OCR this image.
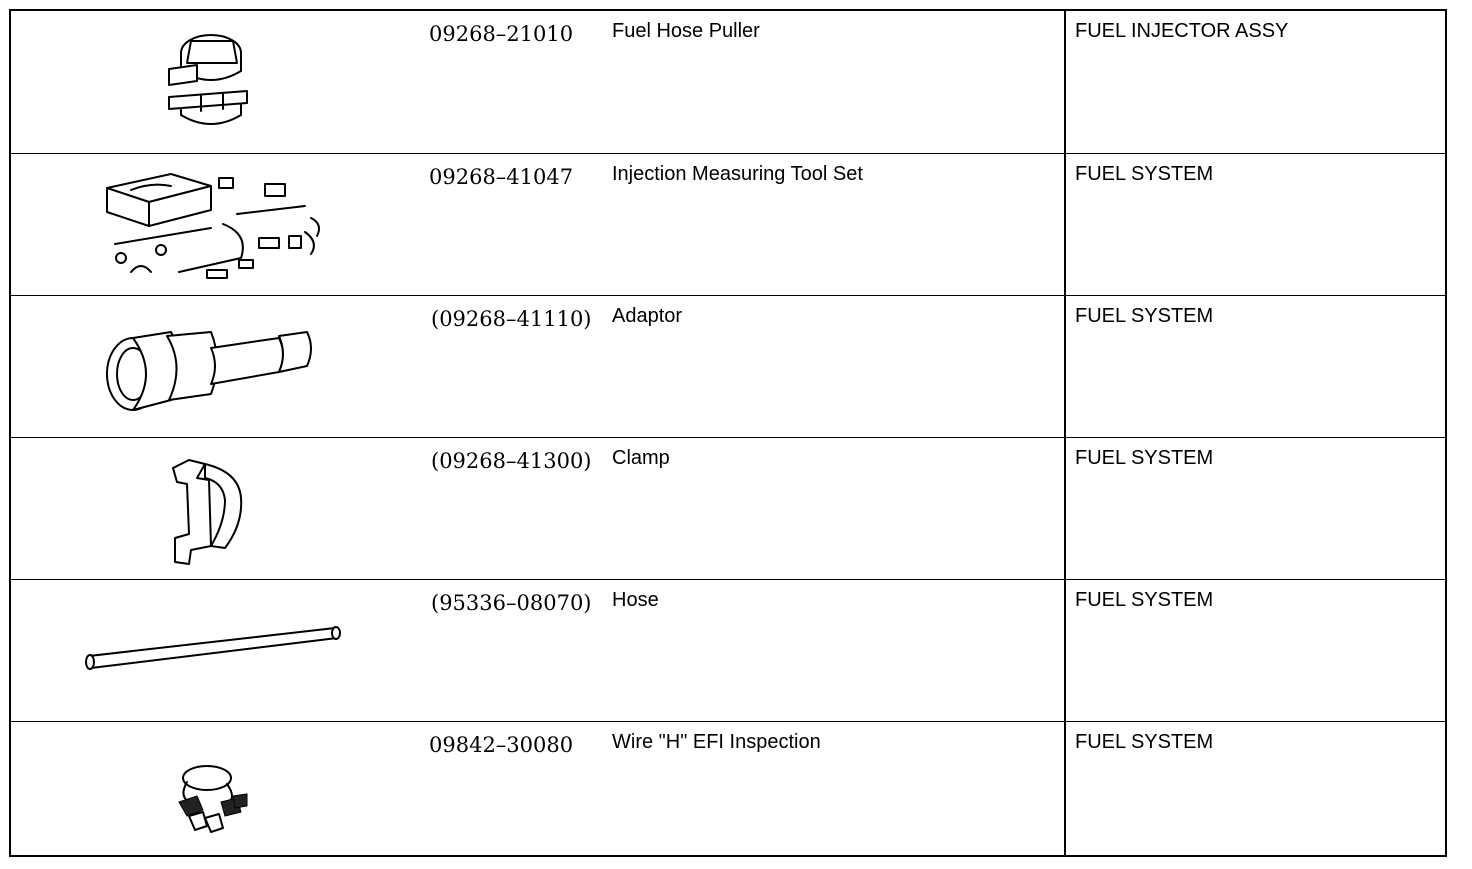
09268–21010	Fuel Hose Puller	FUEL INJECTOR ASSY
09268–41047	Injection Measuring Tool Set	FUEL SYSTEM
(09268–41110)	Adaptor	FUEL SYSTEM
(09268–41300)	Clamp	FUEL SYSTEM
(95336–08070)	Hose	FUEL SYSTEM
09842–30080	Wire "H" EFI Inspection	FUEL SYSTEM
